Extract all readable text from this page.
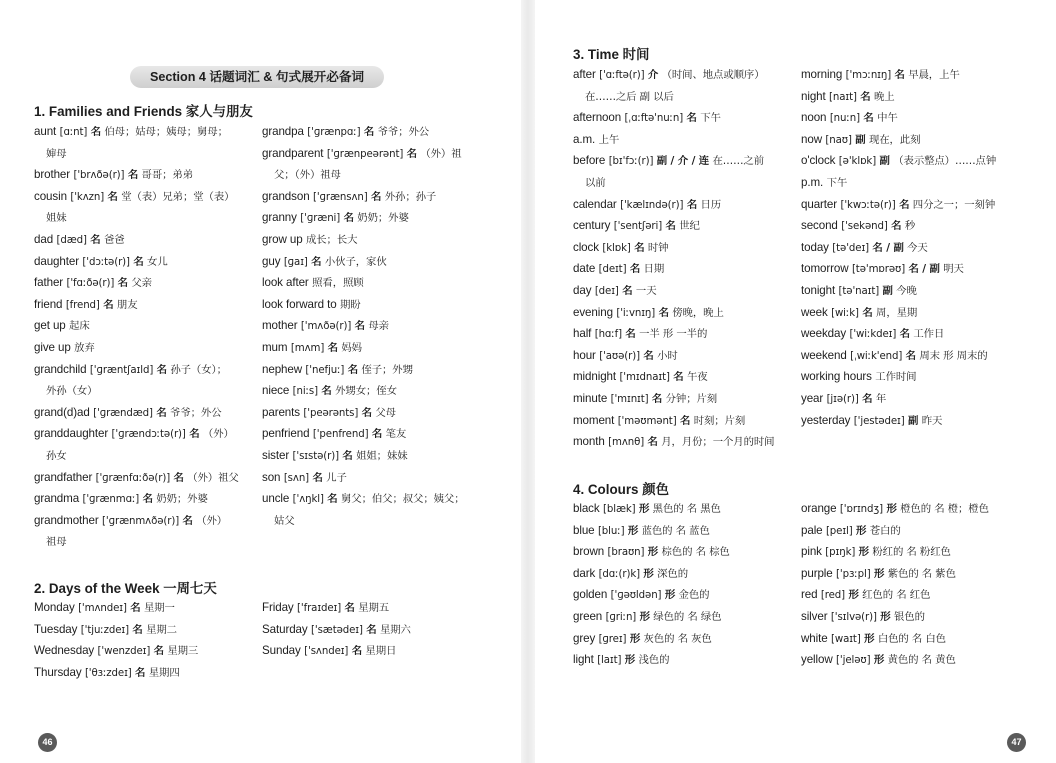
Section 4 话题词汇 & 句式展开必备词
1. Families and Friends 家人与朋友
2. Days of the Week 一周七天
46
aunt [ɑːnt] 名 伯母；姑母；姨母；舅母；
婶母
brother ['brʌðə(r)] 名 哥哥；弟弟
cousin ['kʌzn] 名 堂（表）兄弟；堂（表）
姐妹
dad [dæd] 名 爸爸
daughter ['dɔːtə(r)] 名 女儿
father ['fɑːðə(r)] 名 父亲
friend [frend] 名 朋友
get up 起床
give up 放弃
grandchild ['ɡræntʃaɪld] 名 孙子（女）；
外孙（女）
grand(d)ad ['ɡrændæd] 名 爷爷；外公
granddaughter ['ɡrændɔːtə(r)] 名 （外）
孙女
grandfather ['ɡrænfɑːðə(r)] 名 （外）祖父
grandma ['ɡrænmɑː] 名 奶奶；外婆
grandmother ['ɡrænmʌðə(r)] 名 （外）
祖母
grandpa ['ɡrænpɑː] 名 爷爷；外公
grandparent ['ɡrænpeərənt] 名 （外）祖
父；（外）祖母
grandson ['ɡrænsʌn] 名 外孙；孙子
granny ['ɡræni] 名 奶奶；外婆
grow up 成长；长大
guy [ɡaɪ] 名 小伙子，家伙
look after 照看，照顾
look forward to 期盼
mother ['mʌðə(r)] 名 母亲
mum [mʌm] 名 妈妈
nephew ['nefjuː] 名 侄子；外甥
niece [niːs] 名 外甥女；侄女
parents ['peərənts] 名 父母
penfriend ['penfrend] 名 笔友
sister ['sɪstə(r)] 名 姐姐；妹妹
son [sʌn] 名 儿子
uncle ['ʌŋkl] 名 舅父；伯父；叔父；姨父；
姑父
Monday ['mʌndeɪ] 名 星期一
Tuesday ['tjuːzdeɪ] 名 星期二
Wednesday ['wenzdeɪ] 名 星期三
Thursday ['θɜːzdeɪ] 名 星期四
Friday ['fraɪdeɪ] 名 星期五
Saturday ['sætədeɪ] 名 星期六
Sunday ['sʌndeɪ] 名 星期日
3. Time 时间
4. Colours 颜色
47
after ['ɑːftə(r)] 介 （时间、地点或顺序）
在……之后 副 以后
afternoon [ˌɑːftə'nuːn] 名 下午
a.m. 上午
before [bɪ'fɔː(r)] 副 / 介 / 连 在……之前
以前
calendar ['kælɪndə(r)] 名 日历
century ['sentʃəri] 名 世纪
clock [klɒk] 名 时钟
date [deɪt] 名 日期
day [deɪ] 名 一天
evening ['iːvnɪŋ] 名 傍晚，晚上
half [hɑːf] 名 一半 形 一半的
hour ['aʊə(r)] 名 小时
midnight ['mɪdnaɪt] 名 午夜
minute ['mɪnɪt] 名 分钟；片刻
moment ['məʊmənt] 名 时刻；片刻
month [mʌnθ] 名 月，月份；一个月的时间
morning ['mɔːnɪŋ] 名 早晨，上午
night [naɪt] 名 晚上
noon [nuːn] 名 中午
now [naʊ] 副 现在，此刻
o'clock [ə'klɒk] 副 （表示整点）……点钟
p.m. 下午
quarter ['kwɔːtə(r)] 名 四分之一；一刻钟
second ['sekənd] 名 秒
today [tə'deɪ] 名 / 副 今天
tomorrow [tə'mɒrəʊ] 名 / 副 明天
tonight [tə'naɪt] 副 今晚
week [wiːk] 名 周，星期
weekday ['wiːkdeɪ] 名 工作日
weekend [ˌwiːk'end] 名 周末 形 周末的
working hours 工作时间
year [jɪə(r)] 名 年
yesterday ['jestədeɪ] 副 昨天
black [blæk] 形 黑色的 名 黑色
blue [bluː] 形 蓝色的 名 蓝色
brown [braʊn] 形 棕色的 名 棕色
dark [dɑː(r)k] 形 深色的
golden ['ɡəʊldən] 形 金色的
green [ɡriːn] 形 绿色的 名 绿色
grey [ɡreɪ] 形 灰色的 名 灰色
light [laɪt] 形 浅色的
orange ['ɒrɪndʒ] 形 橙色的 名 橙；橙色
pale [peɪl] 形 苍白的
pink [pɪŋk] 形 粉红的 名 粉红色
purple ['pɜːpl] 形 紫色的 名 紫色
red [red] 形 红色的 名 红色
silver ['sɪlvə(r)] 形 银色的
white [waɪt] 形 白色的 名 白色
yellow ['jeləʊ] 形 黄色的 名 黄色
